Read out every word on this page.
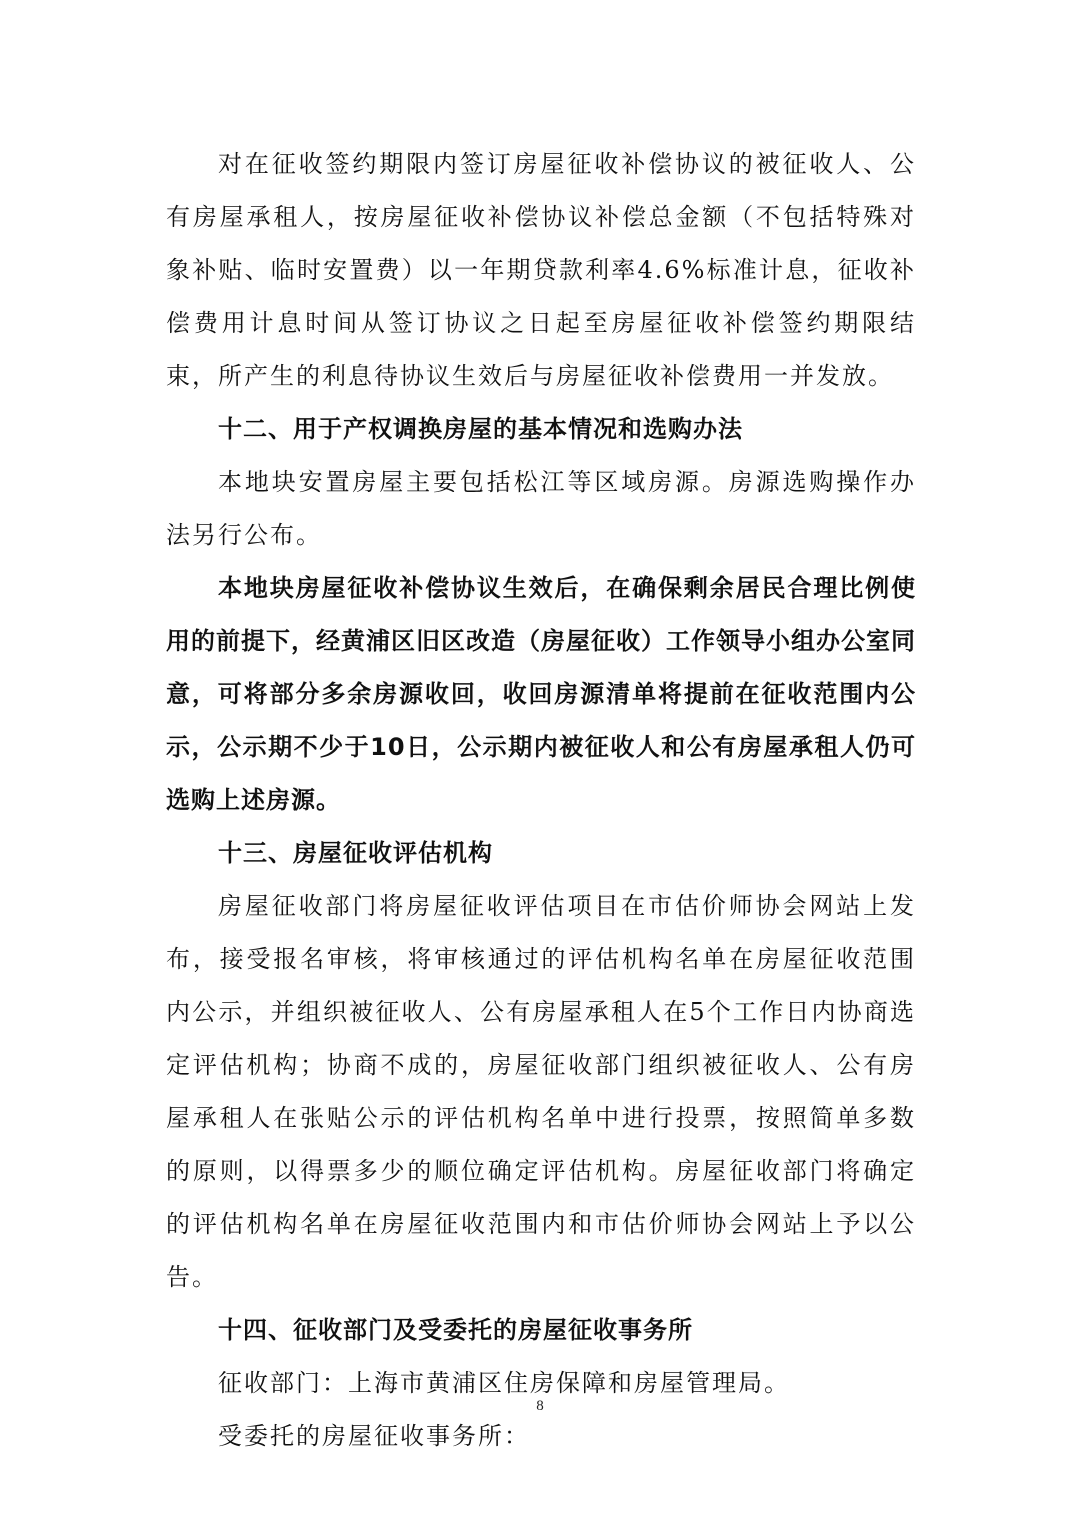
对在征收签约期限内签订房屋征收补偿协议的被征收人、公有房屋承租人，按房屋征收补偿协议补偿总金额（不包括特殊对象补贴、临时安置费）以一年期贷款利率4.6%标准计息，征收补偿费用计息时间从签订协议之日起至房屋征收补偿签约期限结束，所产生的利息待协议生效后与房屋征收补偿费用一并发放。

十二、用于产权调换房屋的基本情况和选购办法

本地块安置房屋主要包括松江等区域房源。房源选购操作办法另行公布。

本地块房屋征收补偿协议生效后，在确保剩余居民合理比例使用的前提下，经黄浦区旧区改造（房屋征收）工作领导小组办公室同意，可将部分多余房源收回，收回房源清单将提前在征收范围内公示，公示期不少于10日，公示期内被征收人和公有房屋承租人仍可选购上述房源。

十三、房屋征收评估机构

房屋征收部门将房屋征收评估项目在市估价师协会网站上发布，接受报名审核，将审核通过的评估机构名单在房屋征收范围内公示，并组织被征收人、公有房屋承租人在5个工作日内协商选定评估机构；协商不成的，房屋征收部门组织被征收人、公有房屋承租人在张贴公示的评估机构名单中进行投票，按照简单多数的原则，以得票多少的顺位确定评估机构。房屋征收部门将确定的评估机构名单在房屋征收范围内和市估价师协会网站上予以公告。

十四、征收部门及受委托的房屋征收事务所

征收部门：上海市黄浦区住房保障和房屋管理局。

受委托的房屋征收事务所：

8
